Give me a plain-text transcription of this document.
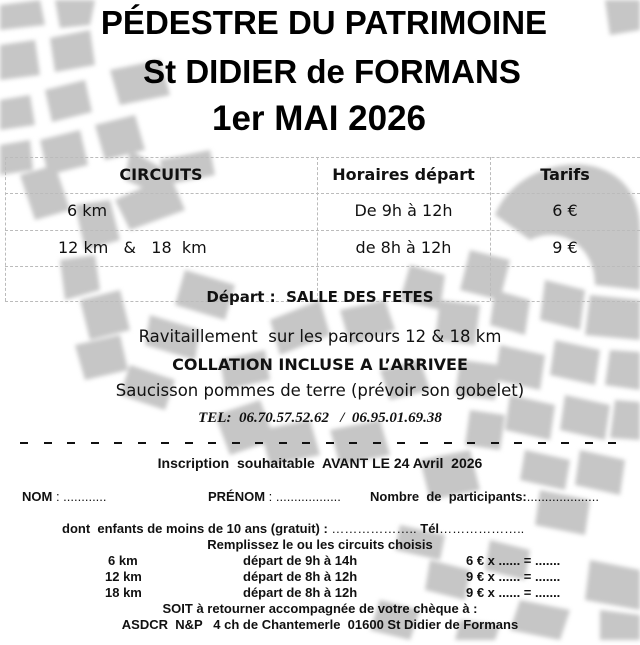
PÉDESTRE DU PATRIMOINE
St DIDIER de FORMANS
1er MAI 2026
CIRCUITS	Horaires départ	Tarifs
6 km	De 9h à 12h	6 €
12 km   &   18  km	de 8h à 12h	9 €
Départ :  SALLE DES FETES
Ravitaillement  sur les parcours 12 & 18 km
COLLATION INCLUSE A L’ARRIVEE
Saucisson pommes de terre (prévoir son gobelet)
TEL:  06.70.57.52.62   /  06.95.01.69.38
Inscription  souhaitable  AVANT LE 24 Avril  2026
NOM : ............	PRÉNOM : .................. Nombre  de  participants:....................
dont  enfants de moins de 10 ans (gratuit) : ……………….. Tél………………..
Remplissez le ou les circuits choisis
6 km	départ de 9h à 14h	6 € x ...... = .......
12 km	départ de 8h à 12h	9 € x ...... = .......
18 km	départ de 8h à 12h	9 € x ...... = .......
SOIT à retourner accompagnée de votre chèque à :
ASDCR  N&P   4 ch de Chantemerle  01600 St Didier de Formans
